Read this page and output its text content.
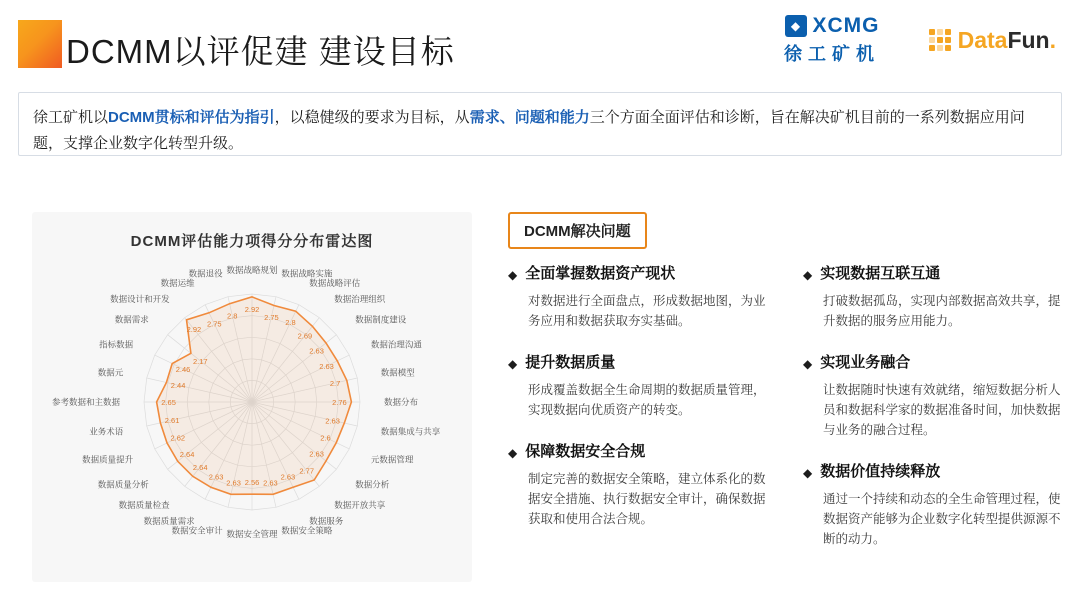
DCMM以评促建 建设目标
◆ XCMG
徐工矿机
DataFun.
徐工矿机以DCMM贯标和评估为指引，以稳健级的要求为目标，从需求、问题和能力三个方面全面评估和诊断，旨在解决矿机目前的一系列数据应用问题，支撑企业数字化转型升级。
DCMM评估能力项得分分布雷达图
2.92
2.75
2.8
2.69
2.63
2.63
2.7
2.76
2.63
2.6
2.63
2.77
2.63
2.63
2.56
2.63
2.63
2.64
2.64
2.62
2.61
2.65
2.44
2.46
2.17
2.92
2.75
2.8
数据战略规划 数据战略实施
数据战略评估
数据治理组织
数据制度建设
数据治理沟通
数据模型
数据分布
数据集成与共享
元数据管理
数据分析
数据开放共享
数据服务
数据安全策略
数据安全管理
数据安全审计
数据质量需求
数据质量检查
数据质量分析
数据质量提升
业务术语
参考数据和主数据
数据元
指标数据
数据需求
数据设计和开发
数据运维
数据退役
DCMM解决问题
◆ 全面掌握数据资产现状
对数据进行全面盘点，形成数据地图，为业务应用和数据获取夯实基础。
◆ 提升数据质量
形成覆盖数据全生命周期的数据质量管理，实现数据向优质资产的转变。
◆ 保障数据安全合规
制定完善的数据安全策略，建立体系化的数据安全措施、执行数据安全审计，确保数据获取和使用合法合规。
◆ 实现数据互联互通
打破数据孤岛，实现内部数据高效共享，提升数据的服务应用能力。
◆ 实现业务融合
让数据随时快速有效就绪，缩短数据分析人员和数据科学家的数据准备时间，加快数据与业务的融合过程。
◆ 数据价值持续释放
通过一个持续和动态的全生命管理过程，使数据资产能够为企业数字化转型提供源源不断的动力。
